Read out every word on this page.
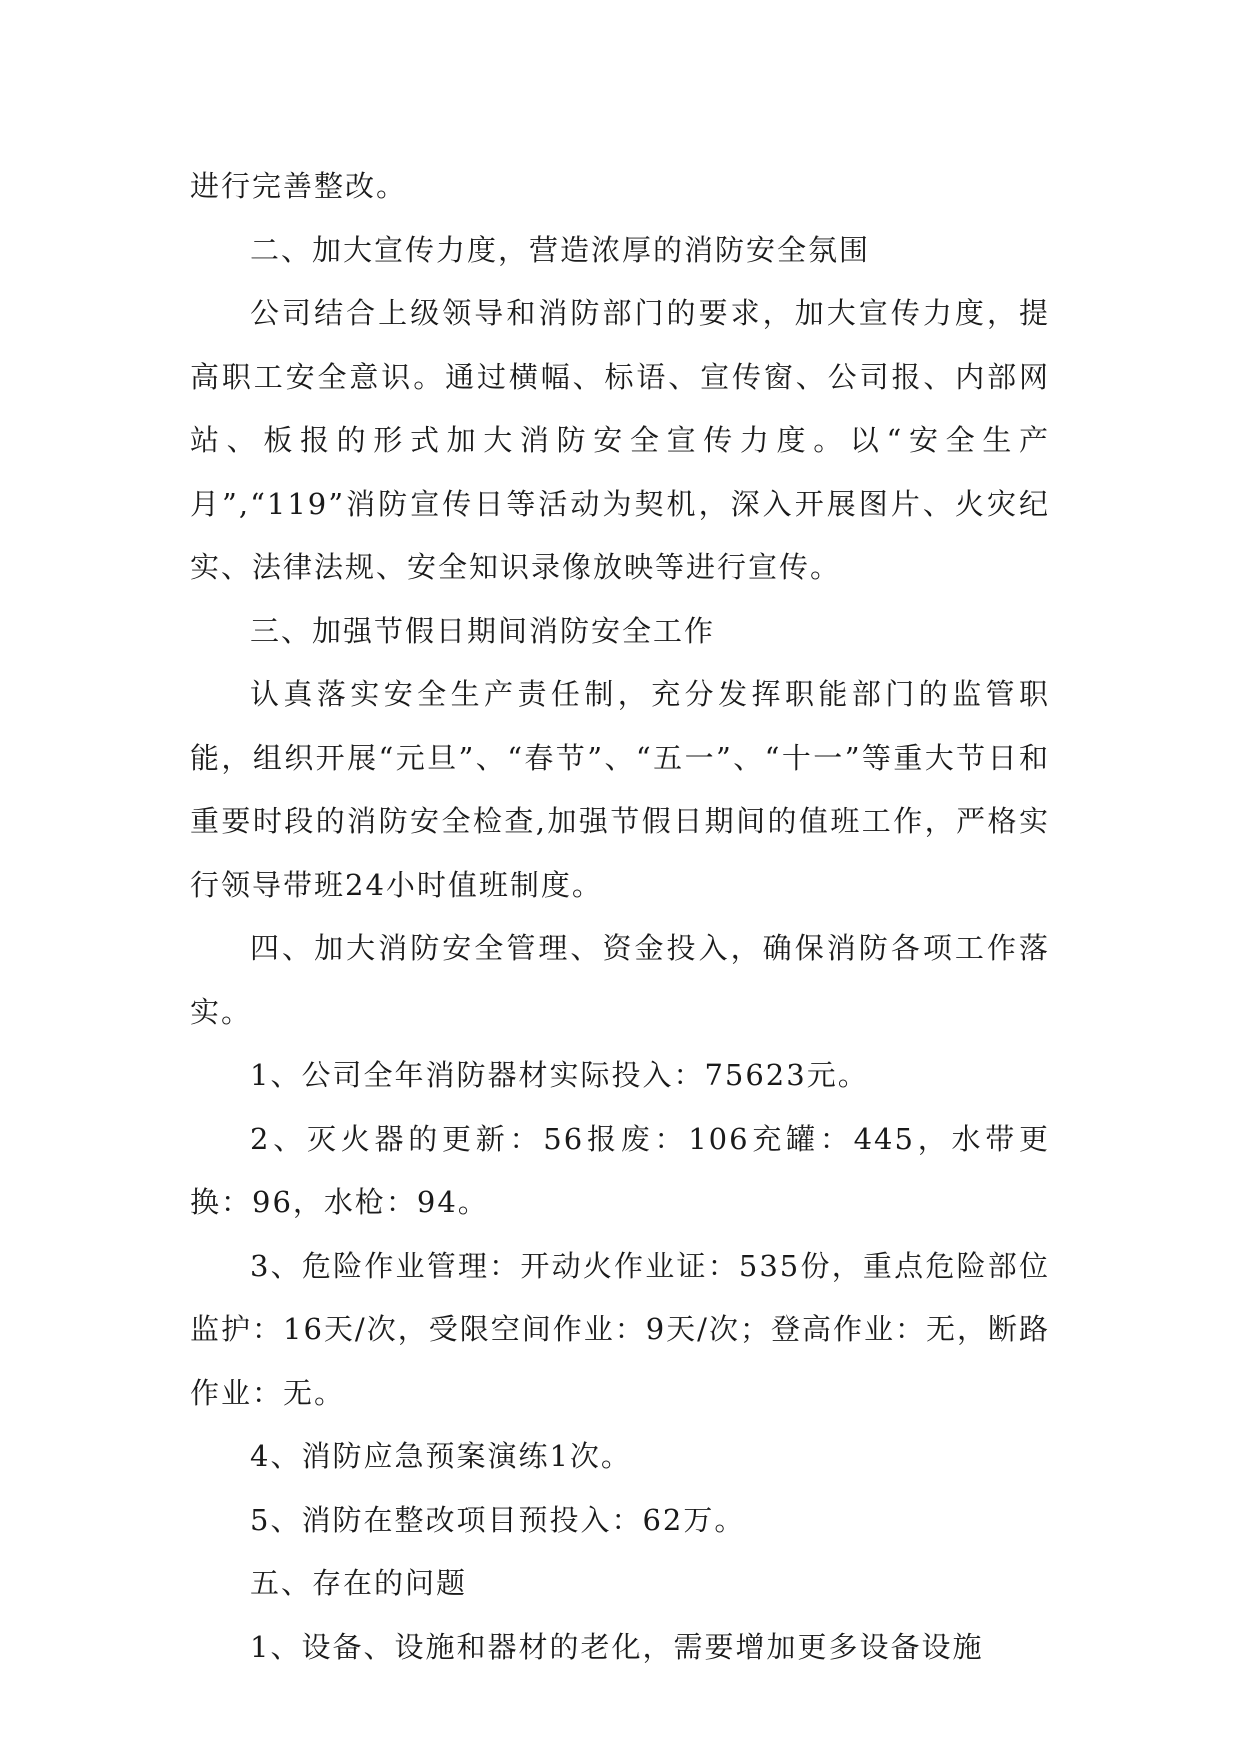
进行完善整改。

二、加大宣传力度，营造浓厚的消防安全氛围

公司结合上级领导和消防部门的要求，加大宣传力度，提高职工安全意识。通过横幅、标语、宣传窗、公司报、内部网站、板报的形式加大消防安全宣传力度。以“安全生产月”,“119”消防宣传日等活动为契机，深入开展图片、火灾纪实、法律法规、安全知识录像放映等进行宣传。

三、加强节假日期间消防安全工作

认真落实安全生产责任制，充分发挥职能部门的监管职能，组织开展“元旦”、“春节”、“五一”、“十一”等重大节日和重要时段的消防安全检查,加强节假日期间的值班工作，严格实行领导带班24小时值班制度。

四、加大消防安全管理、资金投入，确保消防各项工作落实。

1、公司全年消防器材实际投入：75623元。

2、灭火器的更新：56报废：106充罐：445，水带更换：96，水枪：94。

3、危险作业管理：开动火作业证：535份，重点危险部位监护：16天/次，受限空间作业：9天/次；登高作业：无，断路作业：无。

4、消防应急预案演练1次。

5、消防在整改项目预投入：62万。

五、存在的问题

1、设备、设施和器材的老化，需要增加更多设备设施
